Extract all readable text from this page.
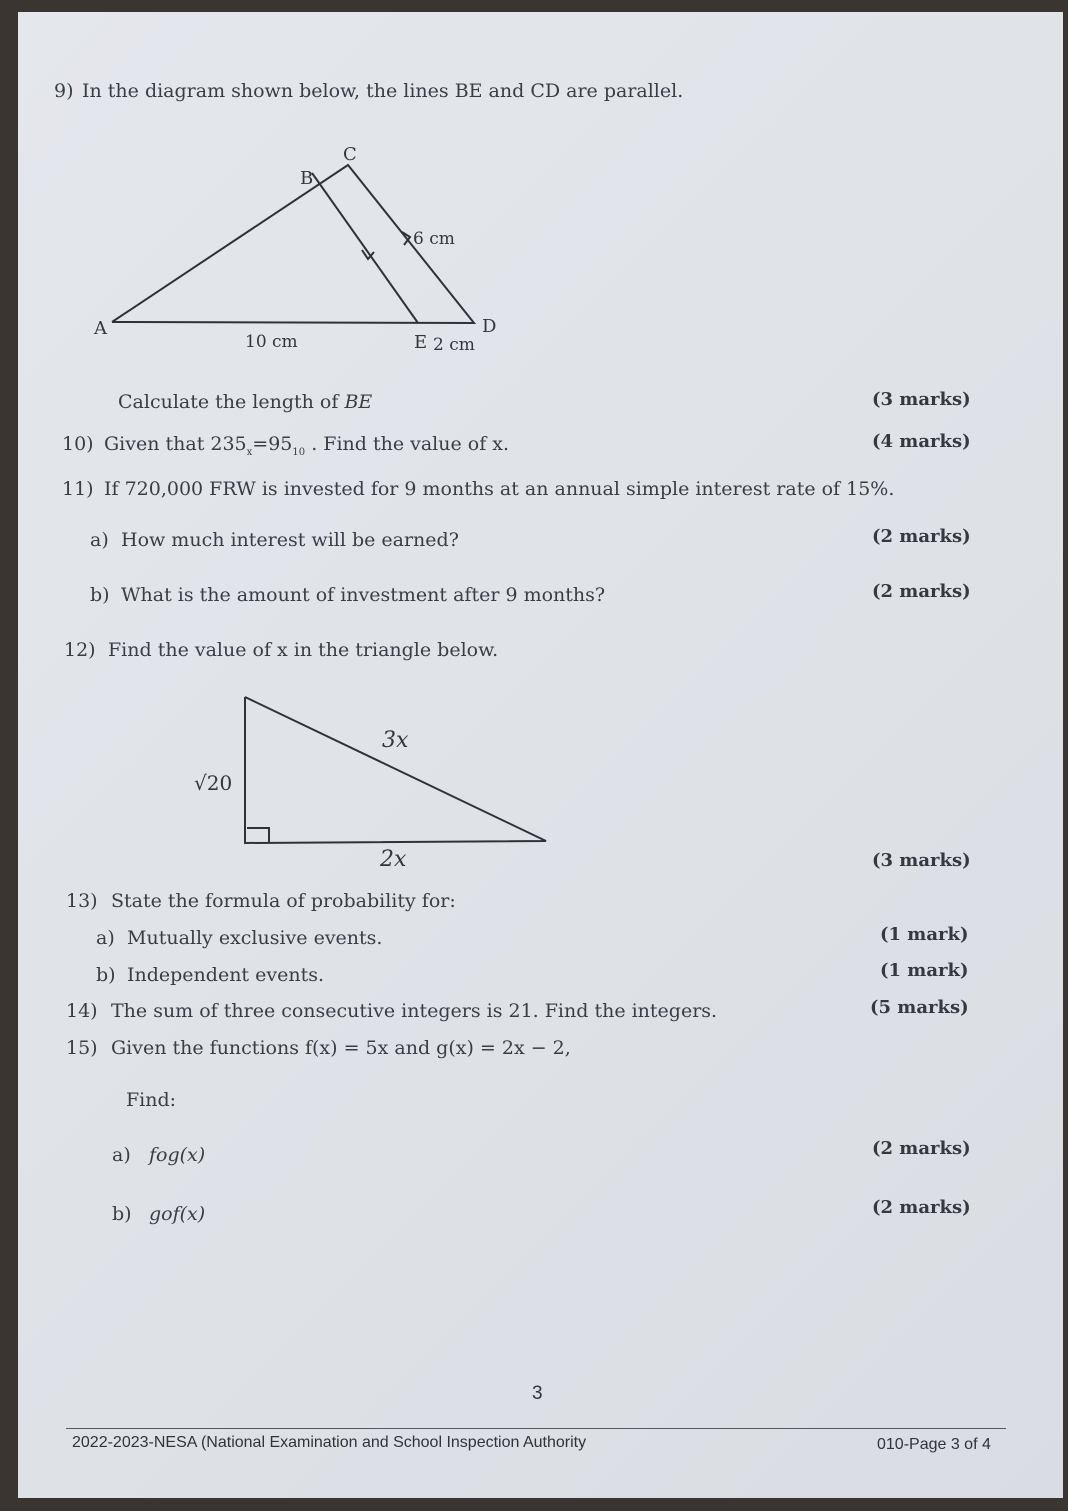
A
B
C
D
E
10 cm	2 cm
6 cm
3x
√20
2x
9) In the diagram shown below, the lines BE and CD are parallel.
Calculate the length of BE	(3 marks)
10) Given that $235_x=95_{10}$ . Find the value of x.	(4 marks)
11) If 720,000 FRW is invested for 9 months at an annual simple interest rate of 15%.
a) How much interest will be earned?	(2 marks)
b) What is the amount of investment after 9 months?	(2 marks)
12) Find the value of x in the triangle below.
(3 marks)
13) State the formula of probability for:
a) Mutually exclusive events.	(1 mark)
b) Independent events.	(1 mark)
14) The sum of three consecutive integers is 21. Find the integers.	(5 marks)
15) Given the functions f(x) = 5x and g(x) = 2x − 2,
Find:
a) fog(x)	(2 marks)
b) gof(x)	(2 marks)
3
2022-2023-NESA (National Examination and School Inspection Authority	010-Page 3 of 4
